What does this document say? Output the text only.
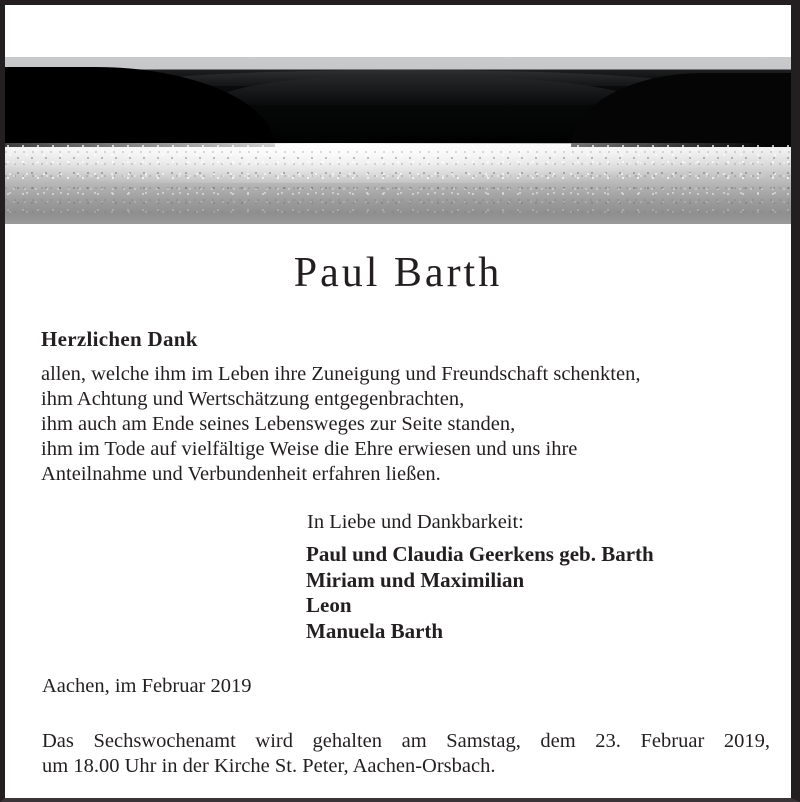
Paul Barth
Herzlichen Dank
allen, welche ihm im Leben ihre Zuneigung und Freundschaft schenkten,
ihm Achtung und Wertschätzung entgegenbrachten,
ihm auch am Ende seines Lebensweges zur Seite standen,
ihm im Tode auf vielfältige Weise die Ehre erwiesen und uns ihre
Anteilnahme und Verbundenheit erfahren ließen.
In Liebe und Dankbarkeit:
Paul und Claudia Geerkens geb. Barth
Miriam und Maximilian
Leon
Manuela Barth
Aachen, im Februar 2019
Das Sechswochenamt wird gehalten am Samstag, dem 23. Februar 2019,
um 18.00 Uhr in der Kirche St. Peter, Aachen-Orsbach.
